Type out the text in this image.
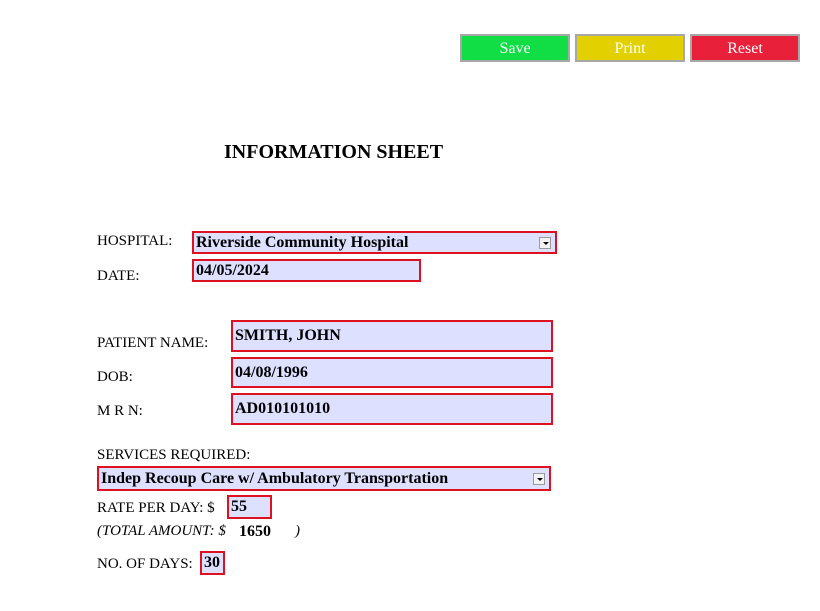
Save	Print	Reset
INFORMATION SHEET
HOSPITAL: Riverside Community Hospital
DATE:	04/05/2024
PATIENT NAME: SMITH, JOHN
DOB:	04/08/1996
M R N:	AD010101010
SERVICES REQUIRED:
Indep Recoup Care w/ Ambulatory Transportation
RATE PER DAY: $ 55
(TOTAL AMOUNT: $ 1650 )
NO. OF DAYS: 30
